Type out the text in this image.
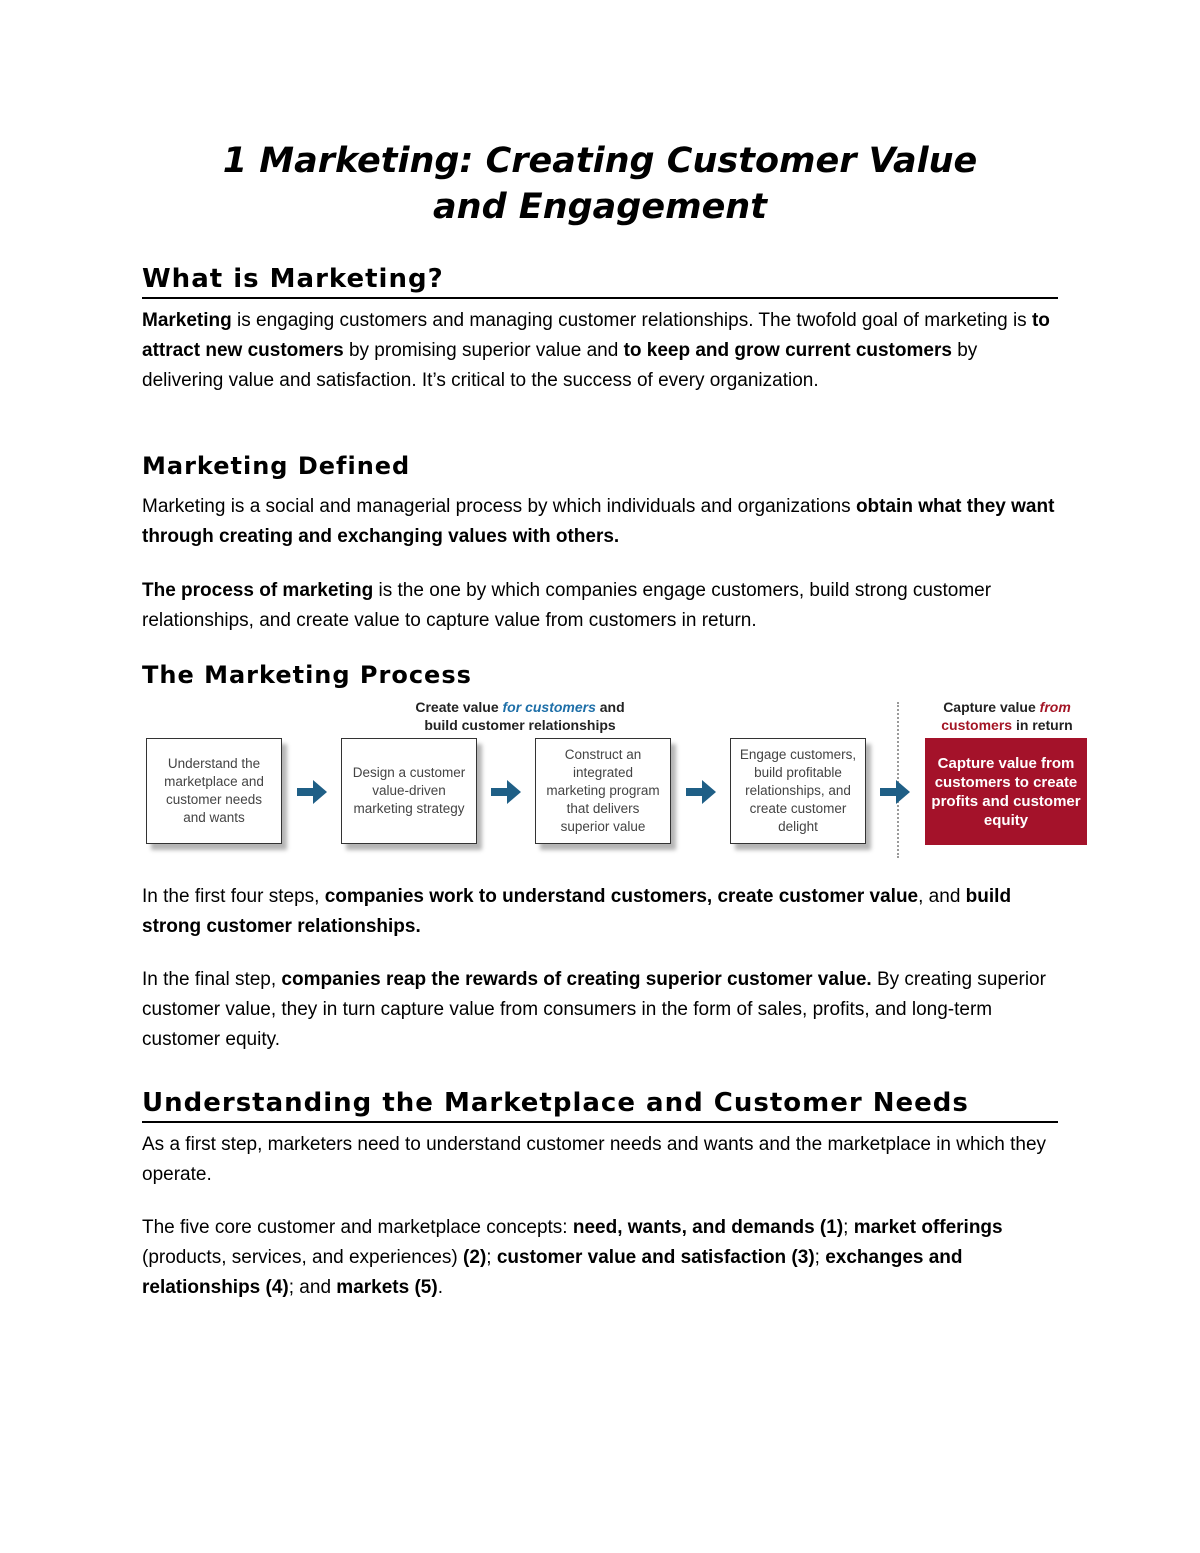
1 Marketing: Creating Customer Value
and Engagement
What is Marketing?

Marketing is engaging customers and managing customer relationships. The twofold goal of marketing is to attract new customers by promising superior value and to keep and grow current customers by delivering value and satisfaction. It’s critical to the success of every organization.

Marketing Defined

Marketing is a social and managerial process by which individuals and organizations obtain what they want through creating and exchanging values with others.

The process of marketing is the one by which companies engage customers, build strong customer relationships, and create value to capture value from customers in return.

The Marketing Process
Create value for customers and
build customer relationships
Capture value from
customers in return
Understand the marketplace and customer needs and wants
Design a customer value-driven marketing strategy
Construct an integrated marketing program that delivers superior value
Engage customers, build profitable relationships, and create customer delight
Capture value from customers to create profits and customer equity

In the first four steps, companies work to understand customers, create customer value, and build strong customer relationships.

In the final step, companies reap the rewards of creating superior customer value. By creating superior customer value, they in turn capture value from consumers in the form of sales, profits, and long-term customer equity.

Understanding the Marketplace and Customer Needs

As a first step, marketers need to understand customer needs and wants and the marketplace in which they operate.

The five core customer and marketplace concepts: need, wants, and demands (1); market offerings (products, services, and experiences) (2); customer value and satisfaction (3); exchanges and relationships (4); and markets (5).
